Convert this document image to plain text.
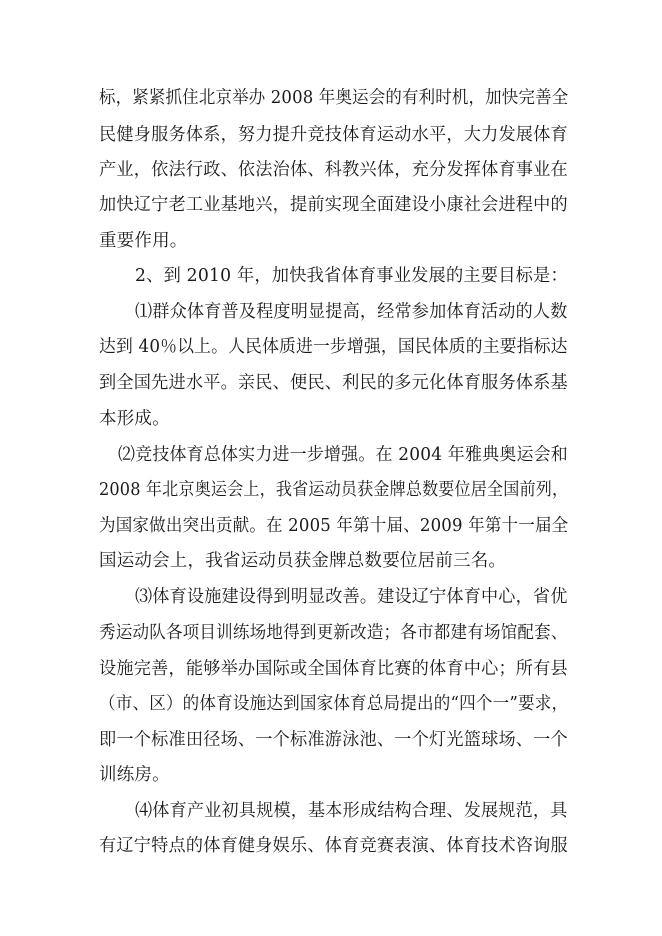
标，紧紧抓住北京举办 2008 年奥运会的有利时机，加快完善全
民健身服务体系，努力提升竞技体育运动水平，大力发展体育
产业，依法行政、依法治体、科教兴体，充分发挥体育事业在
加快辽宁老工业基地兴，提前实现全面建设小康社会进程中的
重要作用。
2、到 2010 年，加快我省体育事业发展的主要目标是：
⑴群众体育普及程度明显提高，经常参加体育活动的人数
达到 40％以上。人民体质进一步增强，国民体质的主要指标达
到全国先进水平。亲民、便民、利民的多元化体育服务体系基
本形成。
⑵竞技体育总体实力进一步增强。在 2004 年雅典奥运会和
2008 年北京奥运会上，我省运动员获金牌总数要位居全国前列，
为国家做出突出贡献。在 2005 年第十届、2009 年第十一届全
国运动会上，我省运动员获金牌总数要位居前三名。
⑶体育设施建设得到明显改善。建设辽宁体育中心，省优
秀运动队各项目训练场地得到更新改造；各市都建有场馆配套、
设施完善，能够举办国际或全国体育比赛的体育中心；所有县
（市、区）的体育设施达到国家体育总局提出的“四个一”要求，
即一个标准田径场、一个标准游泳池、一个灯光篮球场、一个
训练房。
⑷体育产业初具规模，基本形成结构合理、发展规范，具
有辽宁特点的体育健身娱乐、体育竞赛表演、体育技术咨询服
